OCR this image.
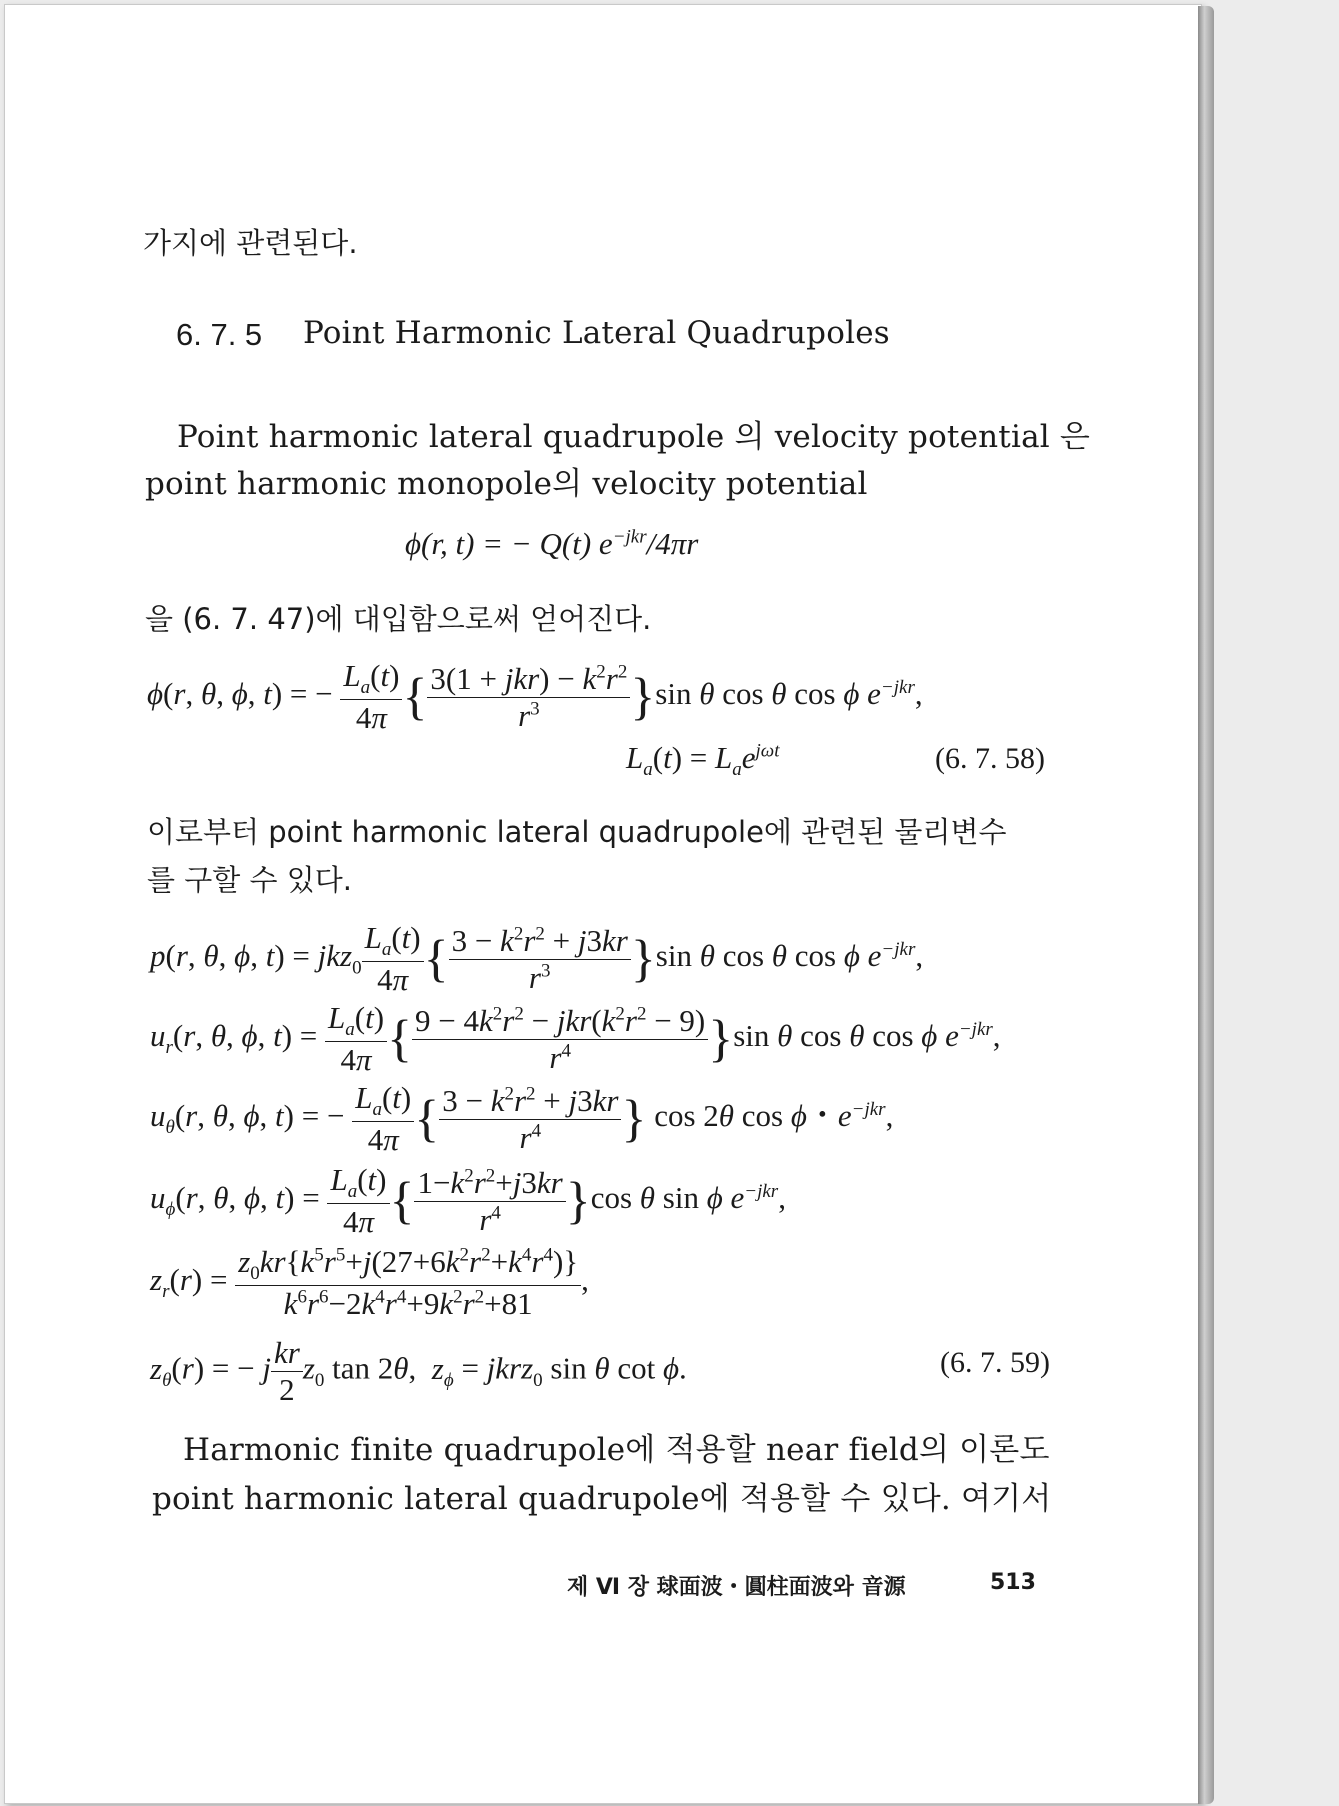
가지에 관련된다.
6. 7. 5 Point Harmonic Lateral Quadrupoles
Point harmonic lateral quadrupole 의 velocity potential 은
point harmonic monopole의 velocity potential
ϕ(r, t) = − Q(t) $e^{-jkr}/4\pi r$
을 (6. 7. 47)에 대입함으로써 얻어진다.
ϕ(r, θ, ϕ, t) = − $\frac{L_a(t)}{4\pi}$ { $\frac{3(1 + jkr) - k^2r^2}{r^3} \}\sin$ θ cos θ cos ϕ $e^{-jkr}$,
$L_a(t) = L_ae^{j\omega t}$	(6. 7. 58)
이로부터 point harmonic lateral quadrupole에 관련된 물리변수
를 구할 수 있다.
p(r, θ, ϕ, $t) = jkz_0 \frac{L_a(t)}{4\pi}$ { $\frac{3 - k^2r^2 + j3kr}{r^3} \}\sin$ θ cos θ cos ϕ $e^{-jkr}$,
$u_r(r$, θ, ϕ, $t) = \frac{L_a(t)}{4\pi}$ { $\frac{9 - 4k^2r^2 - jkr(k^2r^2 - 9)}{r^4} \}\sin$ θ cos θ cos ϕ $e^{-jkr}$,
$u_\theta(r$, θ, ϕ, t) = − $\frac{L_a(t)}{4\pi}$ { $\frac{3 - k^2r^2 + j3kr}{r^4}$ } cos 2θ cos ϕ・$e^{-jkr}$,
$u_\phi(r$, θ, ϕ, $t) = \frac{L_a(t)}{4\pi}$ { $\frac{1-k^2r^2+j3kr}{r^4} \}\cos$ θ sin ϕ $e^{-jkr}$,
$z_r(r) = \frac{z_0kr\{k^5r^5+j(27+6k^2r^2+k^4r^4)\}}{k^6r^6-2k^4r^4+9k^2r^2+81}$ ,
$z_\theta(r)$ = − j $\frac{kr}{2} z_0$ tan 2θ,  $z_\phi$ = jkrz$_0$ sin θ cot ϕ.	(6. 7. 59)
Harmonic finite quadrupole에 적용할 near field의 이론도
point harmonic lateral quadrupole에 적용할 수 있다. 여기서
제 Ⅵ 장 球面波・圓柱面波와 音源	513
